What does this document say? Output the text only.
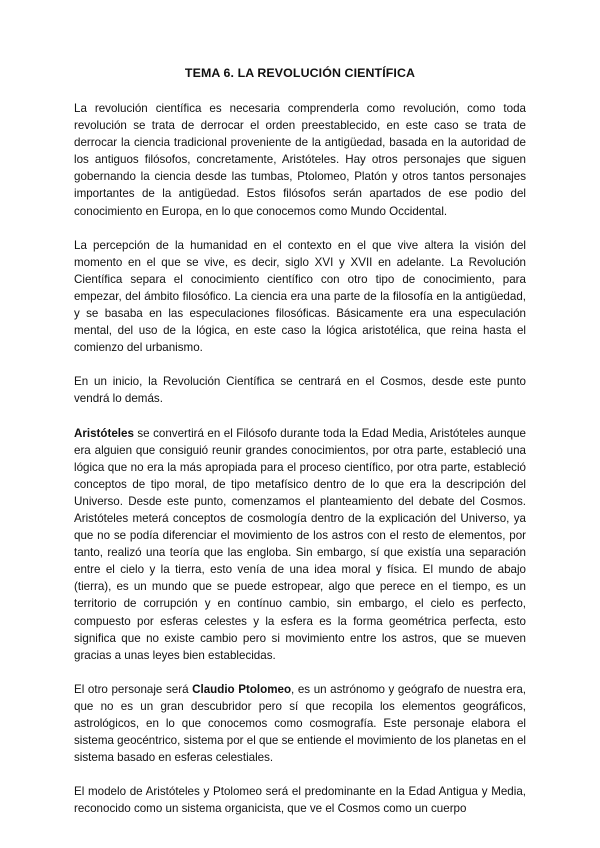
TEMA 6. LA REVOLUCIÓN CIENTÍFICA

La revolución científica es necesaria comprenderla como revolución, como toda revolución se trata de derrocar el orden preestablecido, en este caso se trata de derrocar la ciencia tradicional proveniente de la antigüedad, basada en la autoridad de los antiguos filósofos, concretamente, Aristóteles. Hay otros personajes que siguen gobernando la ciencia desde las tumbas, Ptolomeo, Platón y otros tantos personajes importantes de la antigüedad. Estos filósofos serán apartados de ese podio del conocimiento en Europa, en lo que conocemos como Mundo Occidental.

La percepción de la humanidad en el contexto en el que vive altera la visión del momento en el que se vive, es decir, siglo XVI y XVII en adelante. La Revolución Científica separa el conocimiento científico con otro tipo de conocimiento, para empezar, del ámbito filosófico. La ciencia era una parte de la filosofía en la antigüedad, y se basaba en las especulaciones filosóficas. Básicamente era una especulación mental, del uso de la lógica, en este caso la lógica aristotélica, que reina hasta el comienzo del urbanismo.

En un inicio, la Revolución Científica se centrará en el Cosmos, desde este punto vendrá lo demás.

Aristóteles se convertirá en el Filósofo durante toda la Edad Media, Aristóteles aunque era alguien que consiguió reunir grandes conocimientos, por otra parte, estableció una lógica que no era la más apropiada para el proceso científico, por otra parte, estableció conceptos de tipo moral, de tipo metafísico dentro de lo que era la descripción del Universo. Desde este punto, comenzamos el planteamiento del debate del Cosmos. Aristóteles meterá conceptos de cosmología dentro de la explicación del Universo, ya que no se podía diferenciar el movimiento de los astros con el resto de elementos, por tanto, realizó una teoría que las engloba. Sin embargo, sí que existía una separación entre el cielo y la tierra, esto venía de una idea moral y física. El mundo de abajo (tierra), es un mundo que se puede estropear, algo que perece en el tiempo, es un territorio de corrupción y en contínuo cambio, sin embargo, el cielo es perfecto, compuesto por esferas celestes y la esfera es la forma geométrica perfecta, esto significa que no existe cambio pero si movimiento entre los astros, que se mueven gracias a unas leyes bien establecidas.

El otro personaje será Claudio Ptolomeo, es un astrónomo y geógrafo de nuestra era, que no es un gran descubridor pero sí que recopila los elementos geográficos, astrológicos, en lo que conocemos como cosmografía. Este personaje elabora el sistema geocéntrico, sistema por el que se entiende el movimiento de los planetas en el sistema basado en esferas celestiales.

El modelo de Aristóteles y Ptolomeo será el predominante en la Edad Antigua y Media, reconocido como un sistema organicista, que ve el Cosmos como un cuerpo
